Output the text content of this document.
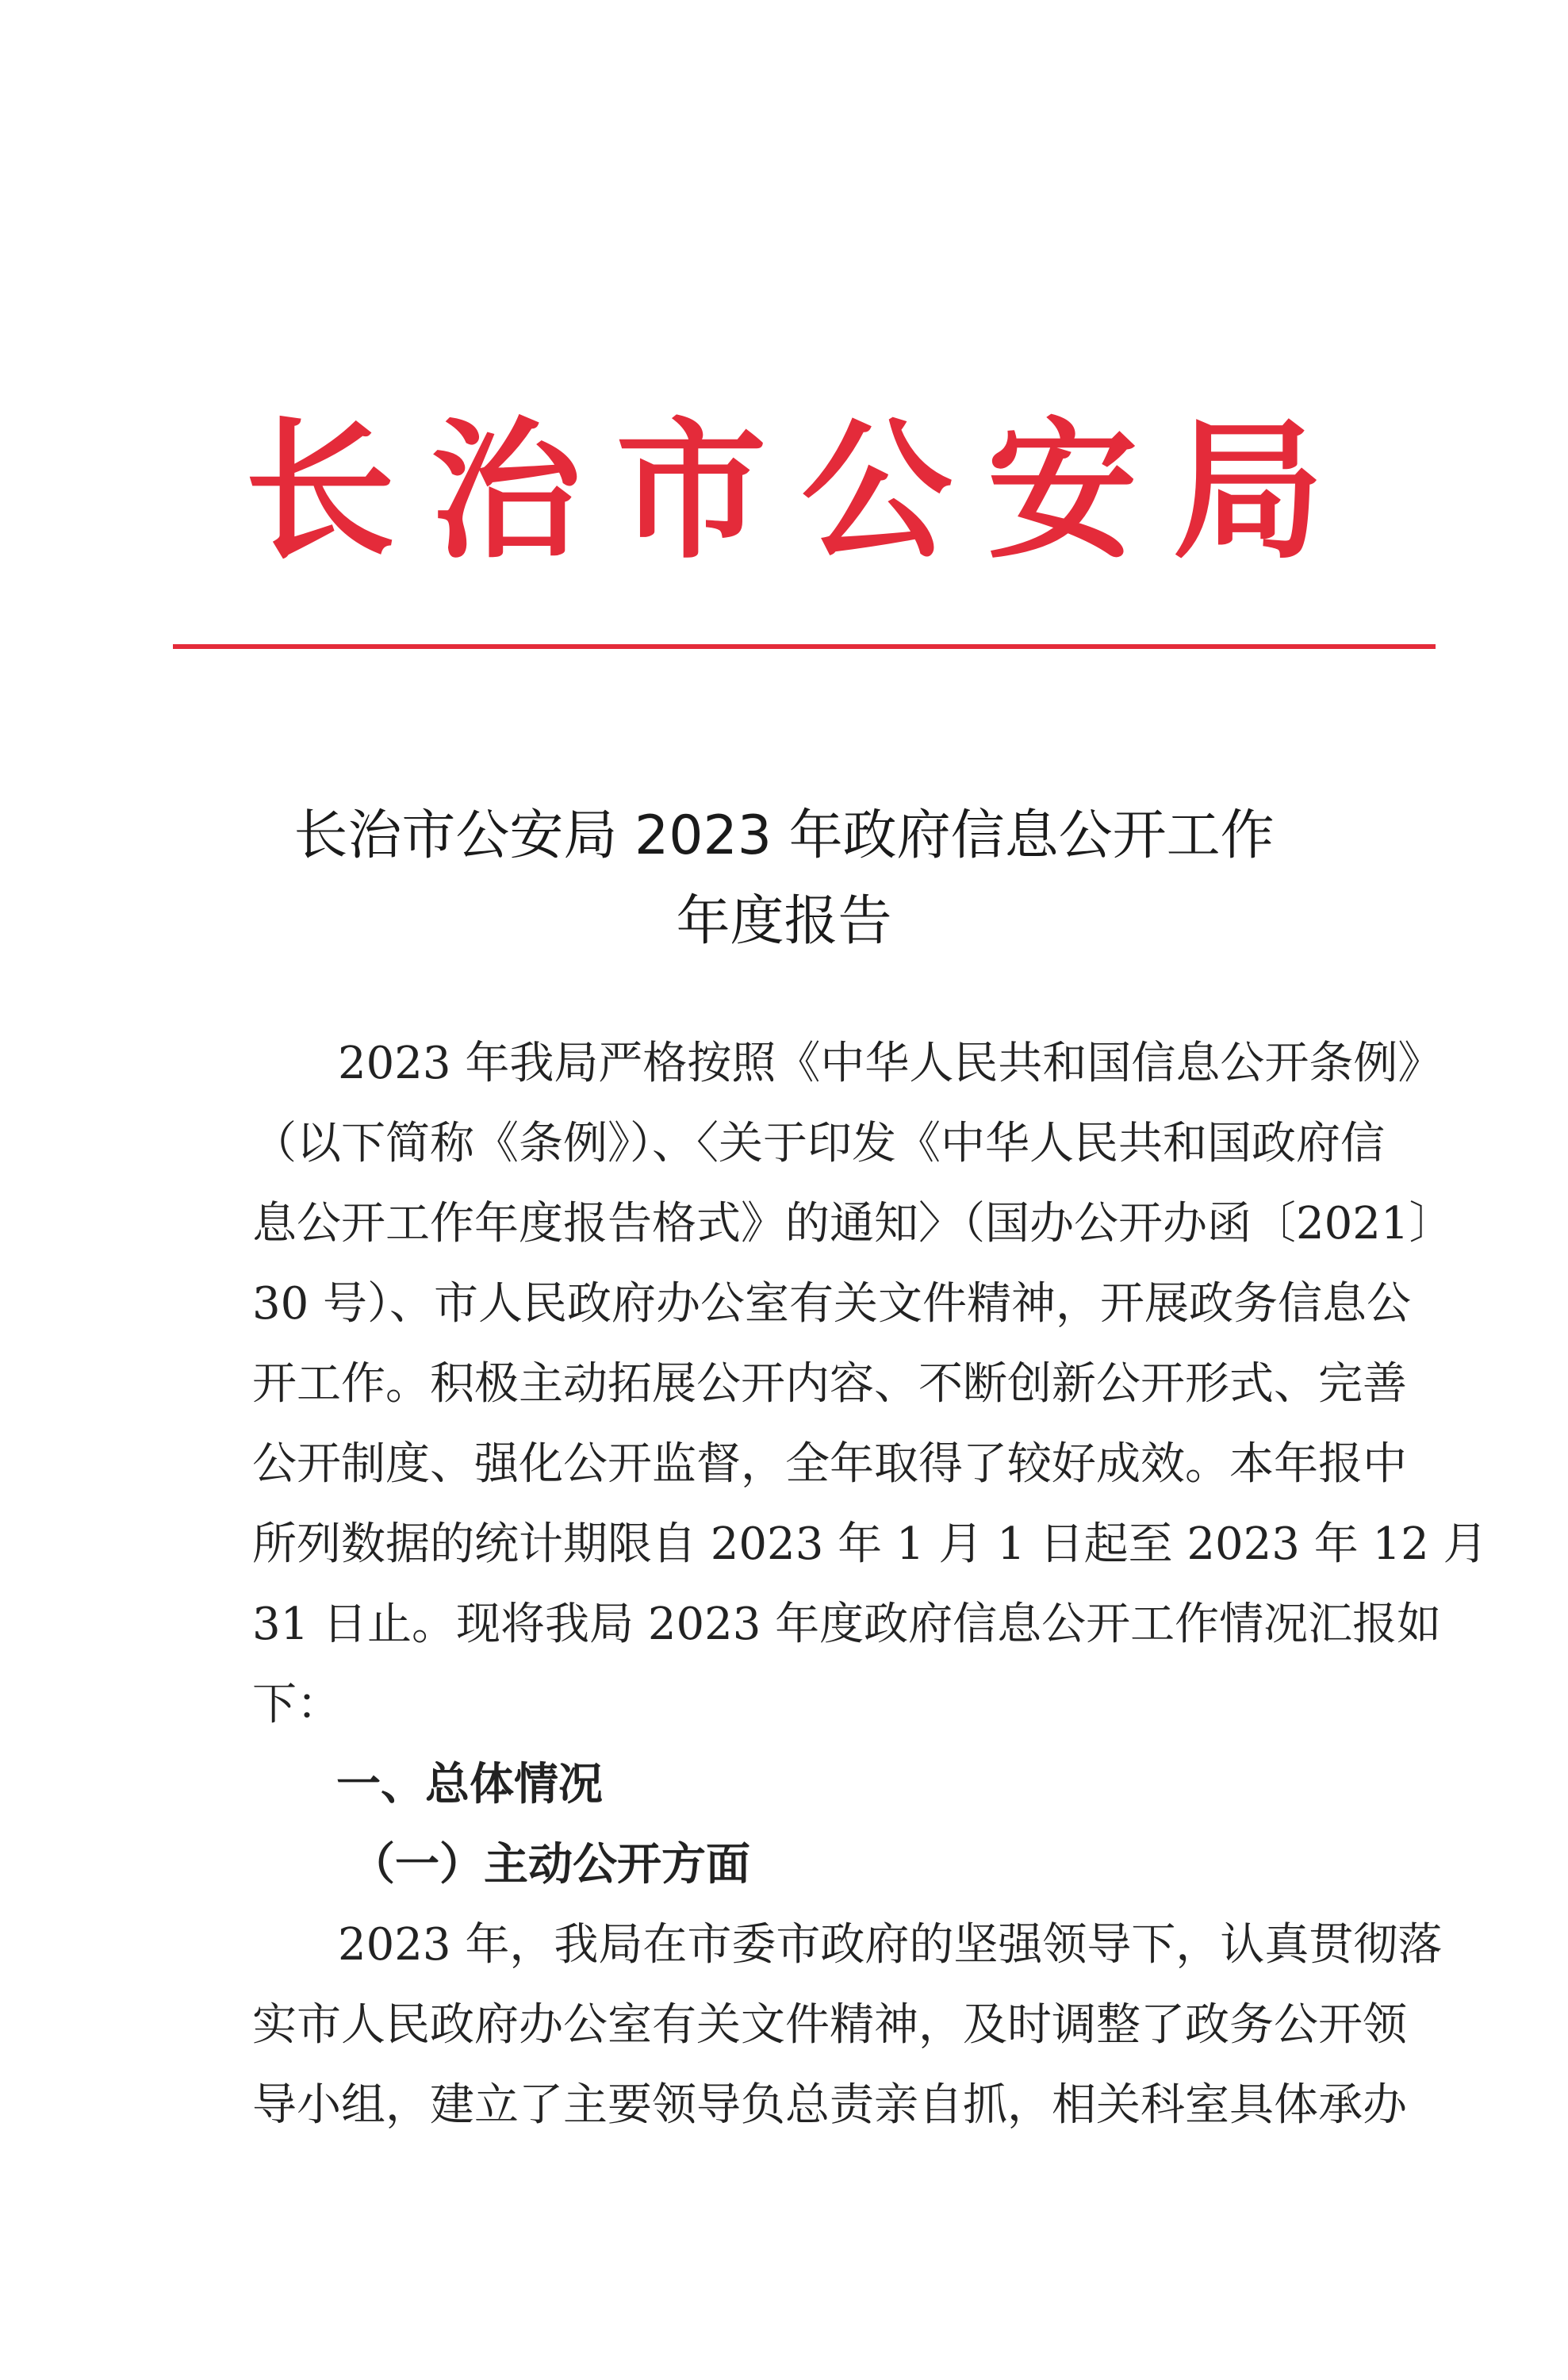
长治市公安局
长治市公安局 2023 年政府信息公开工作
年度报告
2023 年我局严格按照《中华人民共和国信息公开条例》
（以下简称《条例》）、〈关于印发《中华人民共和国政府信
息公开工作年度报告格式》的通知〉（国办公开办函〔2021〕
30 号）、市人民政府办公室有关文件精神，开展政务信息公
开工作。积极主动拓展公开内容、不断创新公开形式、完善
公开制度、强化公开监督，全年取得了较好成效。本年报中
所列数据的统计期限自 2023 年 1 月 1 日起至 2023 年 12 月
31 日止。现将我局 2023 年度政府信息公开工作情况汇报如
下：
一、总体情况
（一）主动公开方面
2023 年，我局在市委市政府的坚强领导下，认真贯彻落
实市人民政府办公室有关文件精神，及时调整了政务公开领
导小组，建立了主要领导负总责亲自抓，相关科室具体承办
